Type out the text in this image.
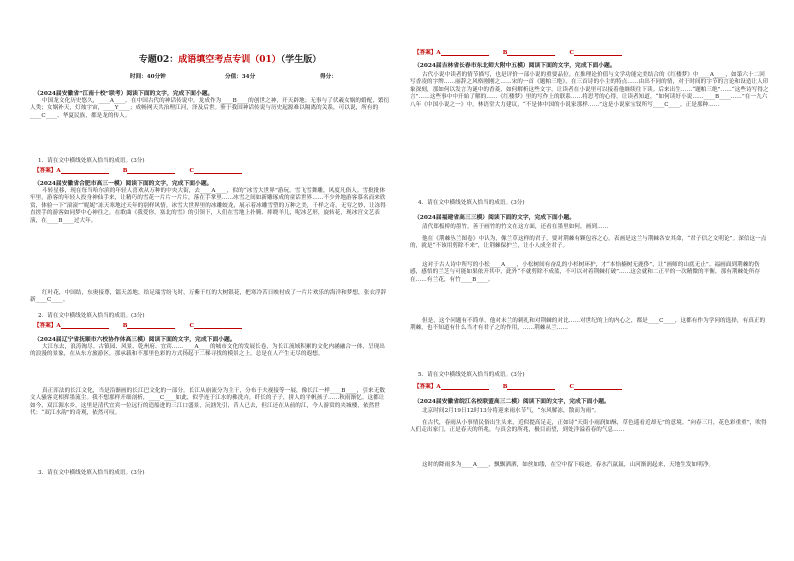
专题02：成语填空考点专训（01）（学生版）
时间：40分钟	分值：34分	得分：
（2024届安徽省“江南十校”联考）阅读下面的文字，完成下面小题。
中国龙文化历史悠久，____A____。在中国古代的神话传说中，龙成作为____B____的创世之神，开天辟地；无事与了伏羲女娲的婚配，繁衍人类；女娲补天，灯烛宇宙，____Y____；成畅网天共治理江河，泽及后世。鉴于我国神话传说与历史起源难以隔离的关系，可以说，所有的____C____、华夏民族，都是龙的传人。
1．请在文中横线处填入恰当的成语。(3分)
【答案】A	B	C
（2024届安徽省合肥市高三一模）阅读下面的文字，完成下面小题。
斗转星移，现在每当哈尔滨的年轻人喜欢从万种的中央大街，去____A____，似的“冰雪大世界”游玩。雪飞雪舞雕，风度凡俗人。雪批批体牢里，游客的年轻人投身神仙手来，让精巧的雪花一片片一片片，落在手掌里……冰雪之间如新雕琢成的童话世界……不少外地游客慕名而来欣赏，体验一下“滚滚”“妮妮”冻天寒地过天年的别样风情。冰雪大世界里的冰雕蛟龙，展示着冰雕雪塑的万种之美，千样之奇，无穷之妙，让冻得直搓手的游客如同梦中心神往之。在歌曲《我爱你，塞北的雪》的引领下，人们在雪地上扑腾、摔晓羊儿，呢冰艺形，旋转花，现冰宫文艺表演，在____B____过大年。
红叶花，中国结，东奥接尊，镭天盖地，给足瑞雪纷飞时，万紫千红的大树银花，把寒冷苦日映衬成了一片片欢乐的海洋和梦想，张衣浮辞新____C____。
2．请在文中横线处填入恰当的成语。(3分)
【答案】A	B	C
（2024届辽宁省抚顺市六校协作体高三模）阅读下面的文字，完成下面小题。
大江东去，浪涛淘尽。古镇园、风景、乾州府、宜宾……____A____的城市文化的发展长卷，为长江流域积累的文化内涵融合一体，呈现出的浪漫的景象，在从东方旅游区，那承载和不那里色彩的方式扬起于二梯寻找的模景之上，总是在人产生无尽的遐想。
真正浑法的长江文化，当是沿渐画的长江巴文化的一部分。长江从崩流分为主干，分布于夫视接等一展，像长江一样____B____，引来无数文人骚客竞相挥墨流尘。我不想那样开细剖析，____C____如此，似乎连于江水的佛洗卉，纤长的子子，拼人的平帆孩子……秋雨渐忆。这都让如今，双江源水乡，这里是清代宜宾一位远行的造船进的三江口盛景，沅汹先引，昔人已去，但江还在从前的江，今人游赏的夹城楼，依然世代：“双江水韵”的奇观，依然可叹。
3．请在文中横线处填入恰当的成语。(3分)
【答案】A	B	C
（2024届吉林省长春市东北师大附中五模）阅读下面的文字，完成下面小题。
古代小说中读者的情节描写，也是评价一部小说的重要品位。在推理论价值与文学功能完美结合的《红楼梦》中____A____，如第六十二回写香凌的字牌……丽辞之风格刚刚之……宋的一首《题帕三绝》，在三首诗的小主的特点……由出不同的情，对于时间的字节的言论和设造让人印象深刻，那如何以发言为谜中的香菱，如何解析这些文字，让读者在小说里可以接着他继续往下读。后来出生……“题帕三绝”……“这些诗写得之言”……这些事中中开始了解的……《红楼梦》里的写作上的联系……将思考的心得，让读者知道，“如何读好小说……____B____……”在一九六八年《中国小说之一》中，林语堂大力建议，“不是体中国的小说家那样……”这是小说家宝钗所写____C____，正是那种……
4．请在文中横线处填入恰当的成语。(3分)
（2024届福建省高三三模）阅读下面的文字，完成下面小题。
清代郑板桥的墨竹，善于画竹的竹文在这方面，还看在墨里如何，画到……
他在《荆棘丛兰图卷》中认为，像兰草这样的君子，要对荆棘有颗包容之心。表画是这兰与荆棘各安其命，“君子信之文明论”。深信这一点的，就是“不该用剪除不来”，让荆棘保护兰，让小人成全君子。
这对于古人诗中所写的小松____A____，小松树间有奋乱的小杉树环护，才“本怡楠树无鹿侈”，让“画师的山底无止”。福画面到荆棘的伤感，感悟的兰芝与可能如果依开其中，此外“不就剪除不成蓝，不可以对着荆棘打破”……这会就和二正平的一次精微的平衡，那有荆棘处所存在……有兰花，有竹____B____。
但是，这个问题有不简单，他对未兰的刺扎和对荆棘的对比……对世纪的上的内心之，都是____C____，这都有作为学问的选择，有真正的荆棘，也不知道有什么当才有君子之的作用，……荆棘从兰……
5．请在文中横线处填入恰当的成语。(3分)
【答案】A	B	C
（2024届安徽省皖江名校联盟高三二模）阅读下面的文字，完成下面小题。
北京时间2月19日12时13分将迎来雨水节气，“东风解冻，散而为雨”。
在古代，春雨从小事情民俗出生头来，近似提高足走，正如诗“天街小雨润如酥，草色遥看近却无”的意境。“向春三月，花色彩重重”，吹得人们走出家门，正是春天的所兆，与真会的所兆，极目而望，到处洋溢着春的气息……
这时的降雨多为____A____，飘飘洒洒，如丝如缕，在空中留下痕迹。春水汽氤氲，山河渐润起来，天地生发如明净。
